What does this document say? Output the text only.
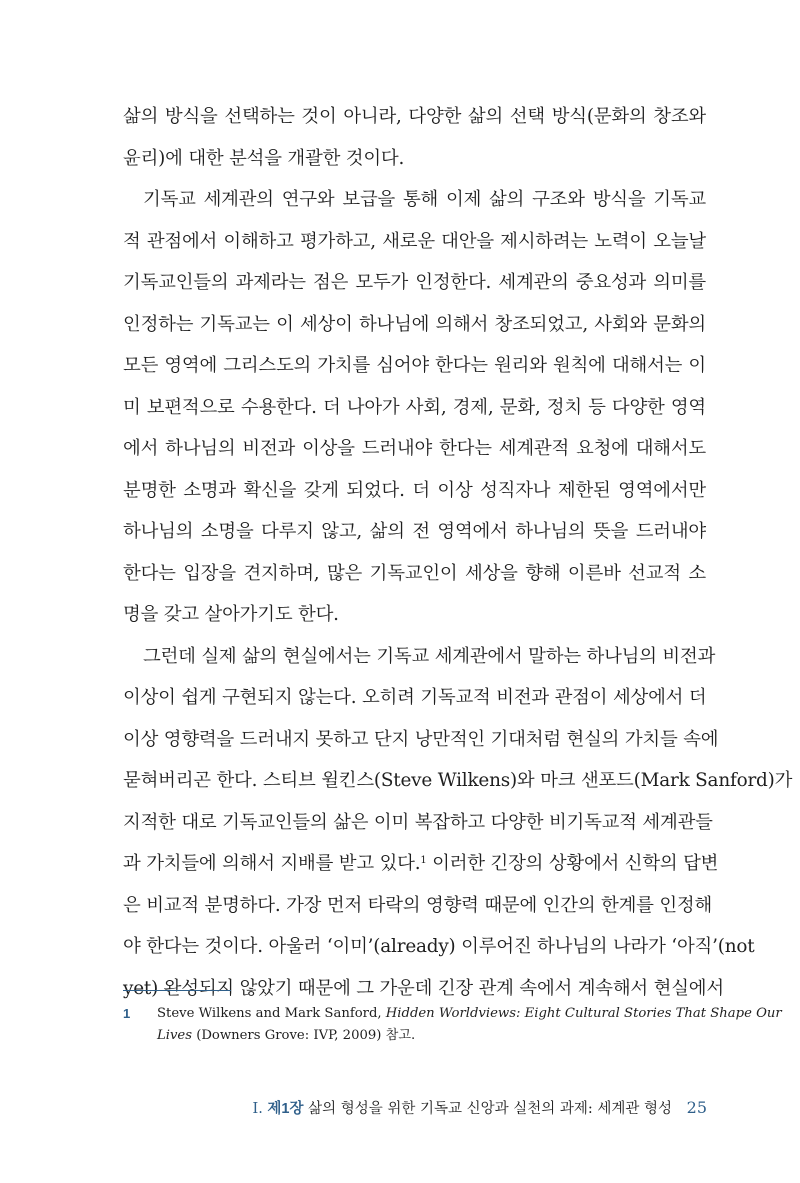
삶의 방식을 선택하는 것이 아니라, 다양한 삶의 선택 방식(문화의 창조와
윤리)에 대한 분석을 개괄한 것이다.
기독교 세계관의 연구와 보급을 통해 이제 삶의 구조와 방식을 기독교
적 관점에서 이해하고 평가하고, 새로운 대안을 제시하려는 노력이 오늘날
기독교인들의 과제라는 점은 모두가 인정한다. 세계관의 중요성과 의미를
인정하는 기독교는 이 세상이 하나님에 의해서 창조되었고, 사회와 문화의
모든 영역에 그리스도의 가치를 심어야 한다는 원리와 원칙에 대해서는 이
미 보편적으로 수용한다. 더 나아가 사회, 경제, 문화, 정치 등 다양한 영역
에서 하나님의 비전과 이상을 드러내야 한다는 세계관적 요청에 대해서도
분명한 소명과 확신을 갖게 되었다. 더 이상 성직자나 제한된 영역에서만
하나님의 소명을 다루지 않고, 삶의 전 영역에서 하나님의 뜻을 드러내야
한다는 입장을 견지하며, 많은 기독교인이 세상을 향해 이른바 선교적 소
명을 갖고 살아가기도 한다.
그런데 실제 삶의 현실에서는 기독교 세계관에서 말하는 하나님의 비전과
이상이 쉽게 구현되지 않는다. 오히려 기독교적 비전과 관점이 세상에서 더
이상 영향력을 드러내지 못하고 단지 낭만적인 기대처럼 현실의 가치들 속에
묻혀버리곤 한다. 스티브 윌킨스(Steve Wilkens)와 마크 샌포드(Mark Sanford)가
지적한 대로 기독교인들의 삶은 이미 복잡하고 다양한 비기독교적 세계관들
과 가치들에 의해서 지배를 받고 있다.$^1$ 이러한 긴장의 상황에서 신학의 답변
은 비교적 분명하다. 가장 먼저 타락의 영향력 때문에 인간의 한계를 인정해
야 한다는 것이다. 아울러 ‘이미’(already) 이루어진 하나님의 나라가 ‘아직’(not
yet) 완성되지 않았기 때문에 그 가운데 긴장 관계 속에서 계속해서 현실에서
1	Steve Wilkens and Mark Sanford, Hidden Worldviews: Eight Cultural Stories That Shape Our
Lives (Downers Grove: IVP, 2009) 참고.
I. 제1장 삶의 형성을 위한 기독교 신앙과 실천의 과제: 세계관 형성 25
